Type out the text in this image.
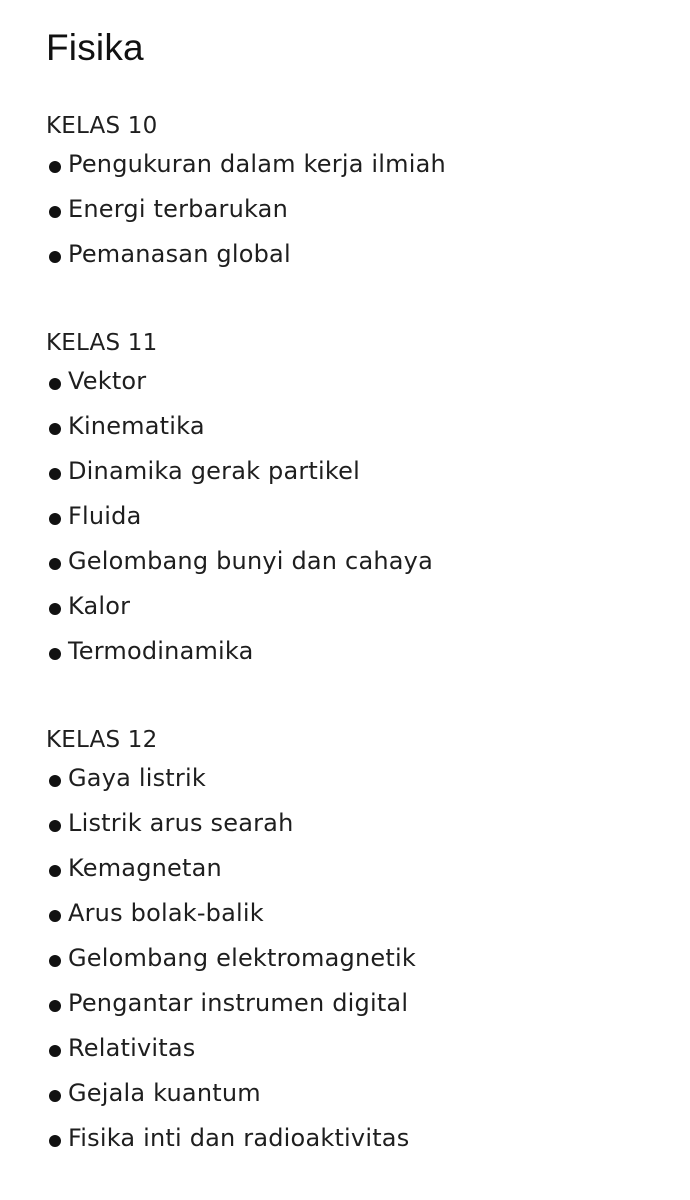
Fisika
KELAS 10
Pengukuran dalam kerja ilmiah
Energi terbarukan
Pemanasan global
KELAS 11
Vektor
Kinematika
Dinamika gerak partikel
Fluida
Gelombang bunyi dan cahaya
Kalor
Termodinamika
KELAS 12
Gaya listrik
Listrik arus searah
Kemagnetan
Arus bolak-balik
Gelombang elektromagnetik
Pengantar instrumen digital
Relativitas
Gejala kuantum
Fisika inti dan radioaktivitas
